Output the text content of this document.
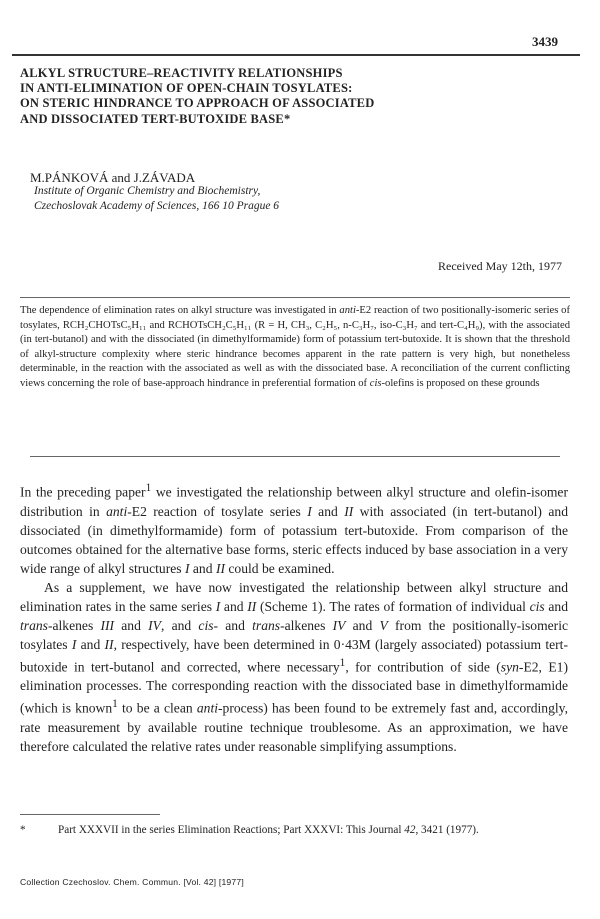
3439
ALKYL STRUCTURE–REACTIVITY RELATIONSHIPS
IN ANTI-ELIMINATION OF OPEN-CHAIN TOSYLATES:
ON STERIC HINDRANCE TO APPROACH OF ASSOCIATED
AND DISSOCIATED TERT-BUTOXIDE BASE*
M.PÁNKOVÁ and J.ZÁVADA
Institute of Organic Chemistry and Biochemistry,
Czechoslovak Academy of Sciences, 166 10 Prague 6
Received May 12th, 1977
The dependence of elimination rates on alkyl structure was investigated in anti-E2 reaction of two positionally-isomeric series of tosylates, RCH₂CHOTsC₅H₁₁ and RCHOTsCH₂C₅H₁₁ (R = H, CH₃, C₂H₅, n-C₃H₇, iso-C₃H₇ and tert-C₄H₉), with the associated (in tert-butanol) and with the dissociated (in dimethylformamide) form of potassium tert-butoxide. It is shown that the threshold of alkyl-structure complexity where steric hindrance becomes apparent in the rate pattern is very high, but nonetheless determinable, in the reaction with the associated as well as with the dissociated base. A reconciliation of the current conflicting views concerning the role of base-approach hindrance in preferential formation of cis-olefins is proposed on these grounds

In the preceding paper$^1$ we investigated the relationship between alkyl structure and olefin-isomer distribution in anti-E2 reaction of tosylate series I and II with associated (in tert-butanol) and dissociated (in dimethylformamide) form of potassium tert-butoxide. From comparison of the outcomes obtained for the alternative base forms, steric effects induced by base association in a very wide range of alkyl structures I and II could be examined.

As a supplement, we have now investigated the relationship between alkyl structure and elimination rates in the same series I and II (Scheme 1). The rates of formation of individual cis and trans-alkenes III and IV, and cis- and trans-alkenes IV and V from the positionally-isomeric tosylates I and II, respectively, have been determined in 0·43M (largely associated) potassium tert-butoxide in tert-butanol and corrected, where necessary$^1$, for contribution of side (syn-E2, E1) elimination processes. The corresponding reaction with the dissociated base in dimethylformamide (which is known$^1$ to be a clean anti-process) has been found to be extremely fast and, accordingly, rate measurement by available routine technique troublesome. As an approximation, we have therefore calculated the relative rates under reasonable simplifying assumptions.

*	Part XXXVII in the series Elimination Reactions; Part XXXVI: This Journal 42, 3421 (1977).
Collection Czechoslov. Chem. Commun. [Vol. 42] [1977]
